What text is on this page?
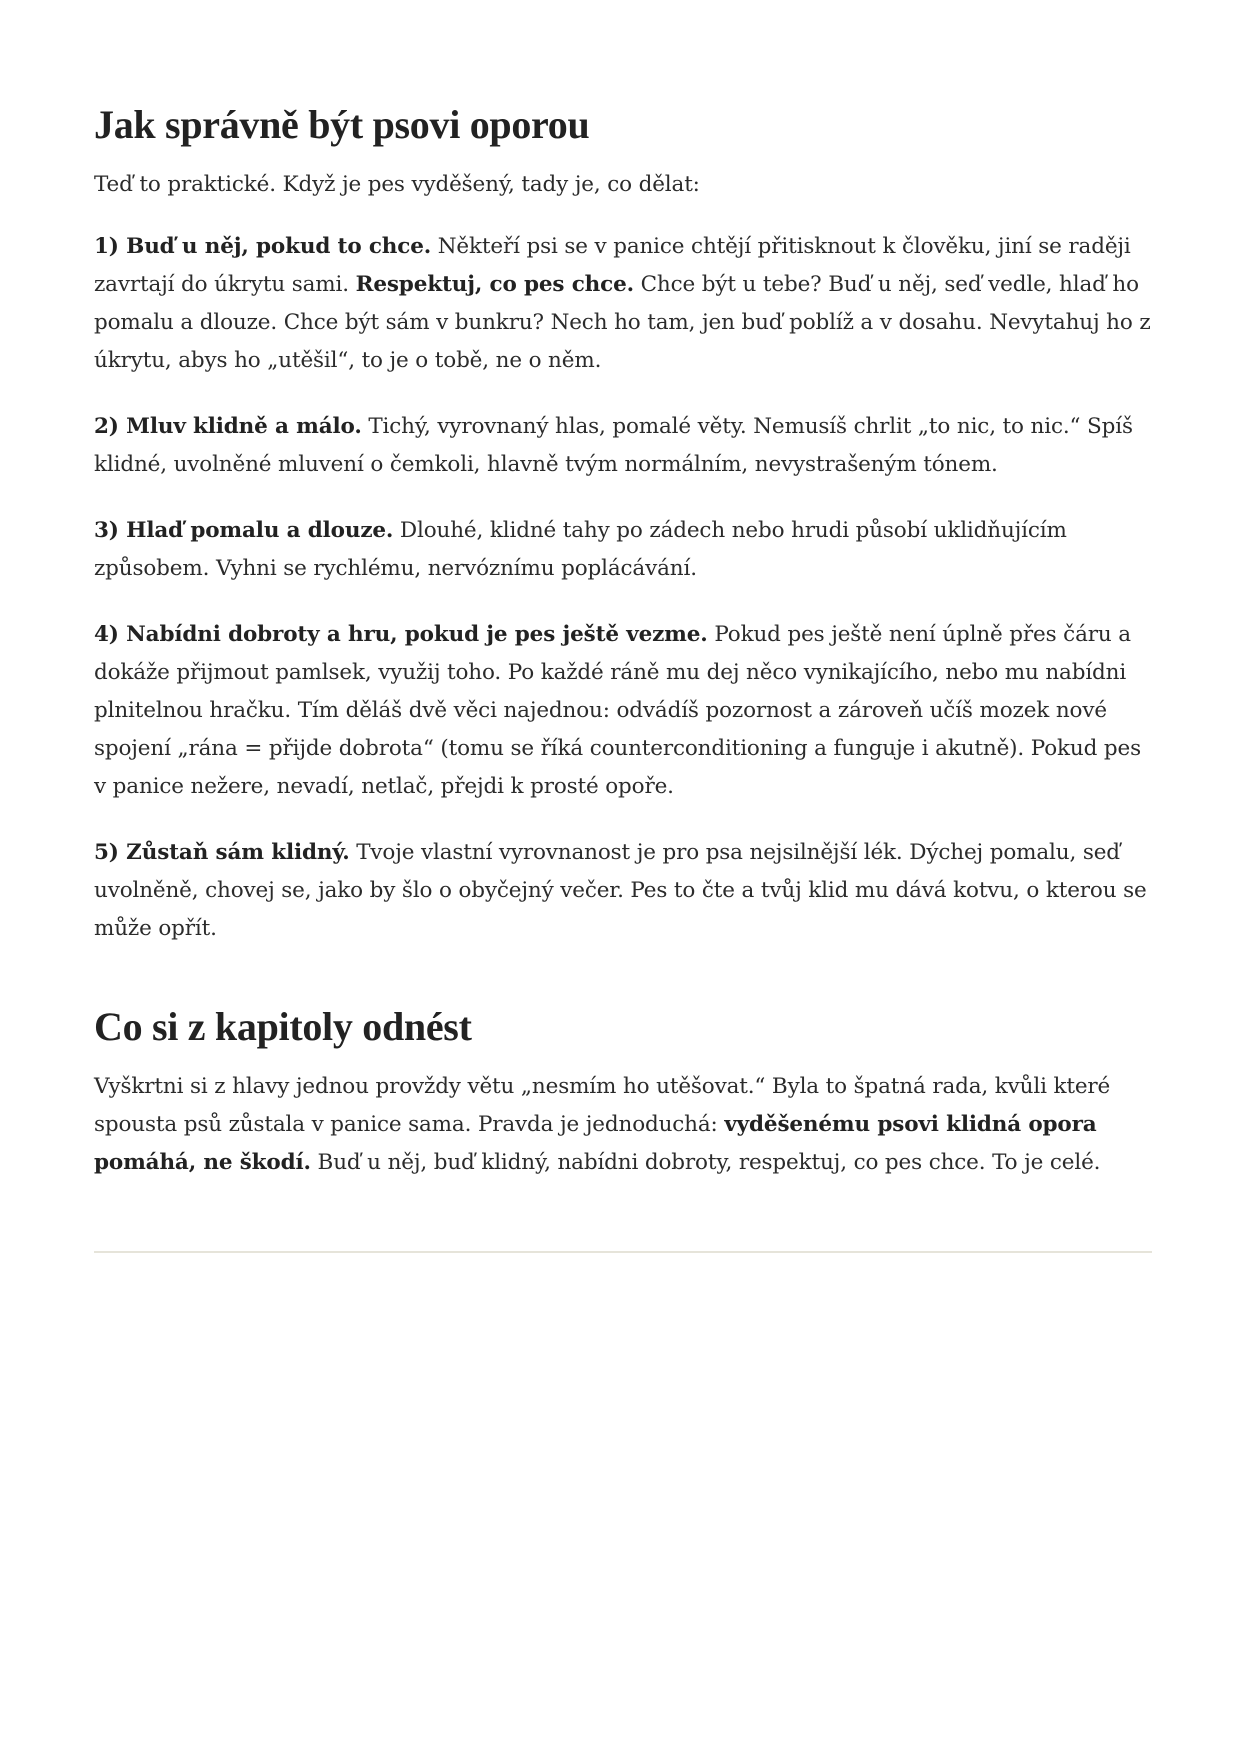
Jak správně být psovi oporou

Teď to praktické. Když je pes vyděšený, tady je, co dělat:

1) Buď u něj, pokud to chce. Někteří psi se v panice chtějí přitisknout k člověku, jiní se raději zavrtají do úkrytu sami. Respektuj, co pes chce. Chce být u tebe? Buď u něj, seď vedle, hlaď ho pomalu a dlouze. Chce být sám v bunkru? Nech ho tam, jen buď poblíž a v dosahu. Nevytahuj ho z úkrytu, abys ho „utěšil“, to je o tobě, ne o něm.

2) Mluv klidně a málo. Tichý, vyrovnaný hlas, pomalé věty. Nemusíš chrlit „to nic, to nic.“ Spíš klidné, uvolněné mluvení o čemkoli, hlavně tvým normálním, nevystrašeným tónem.

3) Hlaď pomalu a dlouze. Dlouhé, klidné tahy po zádech nebo hrudi působí uklidňujícím způsobem. Vyhni se rychlému, nervóznímu poplácávání.

4) Nabídni dobroty a hru, pokud je pes ještě vezme. Pokud pes ještě není úplně přes čáru a dokáže přijmout pamlsek, využij toho. Po každé ráně mu dej něco vynikajícího, nebo mu nabídni plnitelnou hračku. Tím děláš dvě věci najednou: odvádíš pozornost a zároveň učíš mozek nové spojení „rána = přijde dobrota“ (tomu se říká counterconditioning a funguje i akutně). Pokud pes v panice nežere, nevadí, netlač, přejdi k prosté opoře.

5) Zůstaň sám klidný. Tvoje vlastní vyrovnanost je pro psa nejsilnější lék. Dýchej pomalu, seď uvolněně, chovej se, jako by šlo o obyčejný večer. Pes to čte a tvůj klid mu dává kotvu, o kterou se může opřít.

Co si z kapitoly odnést

Vyškrtni si z hlavy jednou provždy větu „nesmím ho utěšovat.“ Byla to špatná rada, kvůli které spousta psů zůstala v panice sama. Pravda je jednoduchá: vyděšenému psovi klidná opora pomáhá, ne škodí. Buď u něj, buď klidný, nabídni dobroty, respektuj, co pes chce. To je celé.
